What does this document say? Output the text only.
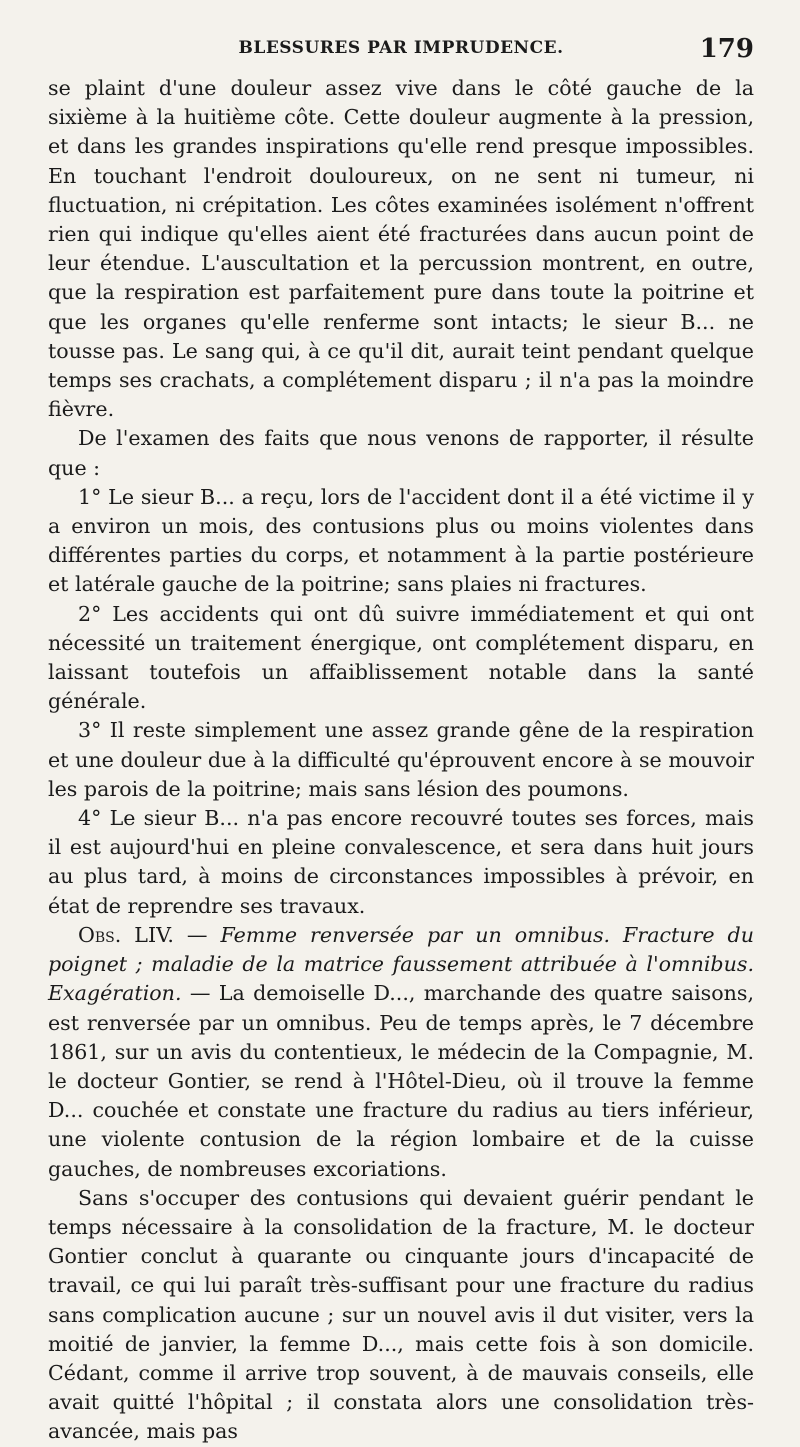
BLESSURES PAR IMPRUDENCE.	179

se plaint d'une douleur assez vive dans le côté gauche de la sixième à la huitième côte. Cette douleur augmente à la pression, et dans les grandes inspirations qu'elle rend presque impossibles. En touchant l'endroit douloureux, on ne sent ni tumeur, ni fluctuation, ni crépitation. Les côtes examinées isolément n'offrent rien qui indique qu'elles aient été fracturées dans aucun point de leur étendue. L'auscultation et la percussion montrent, en outre, que la respiration est parfaitement pure dans toute la poitrine et que les organes qu'elle renferme sont intacts; le sieur B... ne tousse pas. Le sang qui, à ce qu'il dit, aurait teint pendant quelque temps ses crachats, a complétement disparu ; il n'a pas la moindre fièvre.

De l'examen des faits que nous venons de rapporter, il résulte que :

1° Le sieur B... a reçu, lors de l'accident dont il a été victime il y a environ un mois, des contusions plus ou moins violentes dans différentes parties du corps, et notamment à la partie postérieure et latérale gauche de la poitrine; sans plaies ni fractures.

2° Les accidents qui ont dû suivre immédiatement et qui ont nécessité un traitement énergique, ont complétement disparu, en laissant toutefois un affaiblissement notable dans la santé générale.

3° Il reste simplement une assez grande gêne de la respiration et une douleur due à la difficulté qu'éprouvent encore à se mouvoir les parois de la poitrine; mais sans lésion des poumons.

4° Le sieur B... n'a pas encore recouvré toutes ses forces, mais il est aujourd'hui en pleine convalescence, et sera dans huit jours au plus tard, à moins de circonstances impossibles à prévoir, en état de reprendre ses travaux.

Obs. LIV. — Femme renversée par un omnibus. Fracture du poignet ; maladie de la matrice faussement attribuée à l'omnibus. Exagération. — La demoiselle D..., marchande des quatre saisons, est renversée par un omnibus. Peu de temps après, le 7 décembre 1861, sur un avis du contentieux, le médecin de la Compagnie, M. le docteur Gontier, se rend à l'Hôtel-Dieu, où il trouve la femme D... couchée et constate une fracture du radius au tiers inférieur, une violente contusion de la région lombaire et de la cuisse gauches, de nombreuses excoriations.

Sans s'occuper des contusions qui devaient guérir pendant le temps nécessaire à la consolidation de la fracture, M. le docteur Gontier conclut à quarante ou cinquante jours d'incapacité de travail, ce qui lui paraît très-suffisant pour une fracture du radius sans complication aucune ; sur un nouvel avis il dut visiter, vers la moitié de janvier, la femme D..., mais cette fois à son domicile. Cédant, comme il arrive trop souvent, à de mauvais conseils, elle avait quitté l'hôpital ; il constata alors une consolidation très-avancée, mais pas
